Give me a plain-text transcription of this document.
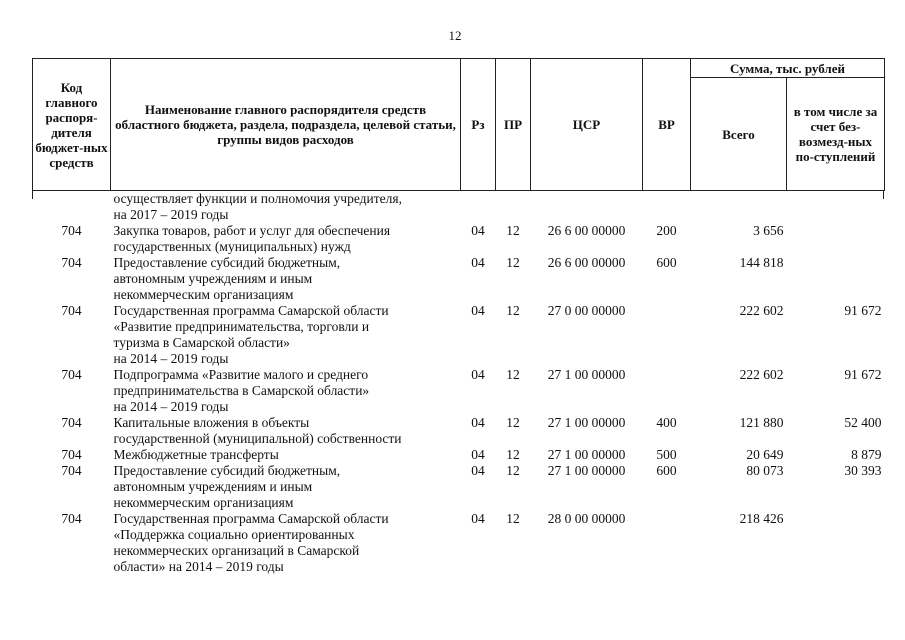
12
Код главного распоря-дителя бюджет-ных средств	Наименование главного распорядителя средств областного бюджета, раздела, подраздела, целевой статьи, группы видов расходов	Рз	ПР	ЦСР	ВР	Сумма, тыс. рублей	
						Всего	в том числе за счет без-возмезд-ных по-ступлений
	осуществляет функции и полномочия учредителя,
на 2017 – 2019 годы						
704	Закупка товаров, работ и услуг для обеспечения
государственных (муниципальных) нужд	04	12	26 6 00 00000	200	3 656	
704	Предоставление субсидий бюджетным,
автономным учреждениям и иным
некоммерческим организациям	04	12	26 6 00 00000	600	144 818	
704	Государственная программа Самарской области
«Развитие предпринимательства, торговли и
туризма в Самарской области»
на 2014 – 2019 годы	04	12	27 0 00 00000		222 602	91 672
704	Подпрограмма «Развитие малого и среднего
предпринимательства в Самарской области»
на 2014 – 2019 годы	04	12	27 1 00 00000		222 602	91 672
704	Капитальные вложения в объекты
государственной (муниципальной) собственности	04	12	27 1 00 00000	400	121 880	52 400
704	Межбюджетные трансферты	04	12	27 1 00 00000	500	20 649	8 879
704	Предоставление субсидий бюджетным,
автономным учреждениям и иным
некоммерческим организациям	04	12	27 1 00 00000	600	80 073	30 393
704	Государственная программа Самарской области
«Поддержка социально ориентированных
некоммерческих организаций в Самарской
области» на 2014 – 2019 годы	04	12	28 0 00 00000		218 426	
